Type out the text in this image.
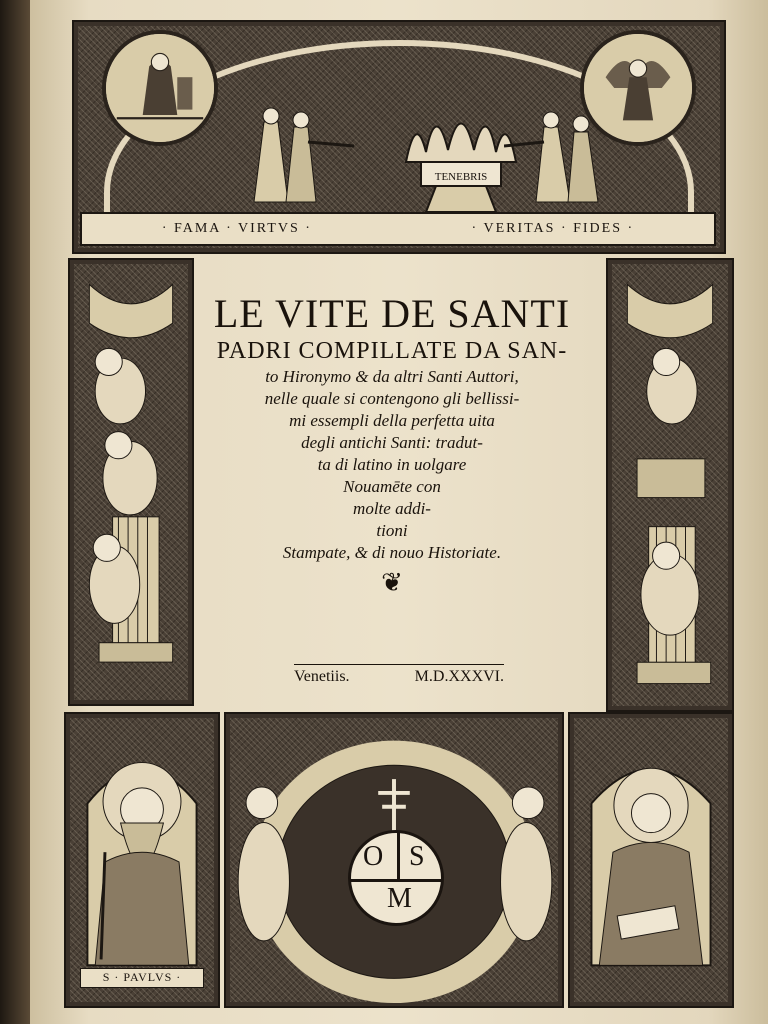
TENEBRIS
· FAMA · VIRTVS ·	· VERITAS · FIDES ·
LE VITE DE SANTI
PADRI COMPILLATE DA SAN-
to Hironymo & da altri Santi Auttori,
nelle quale si contengono gli bellissi-
mi essempli della perfetta uita
degli antichi Santi: tradut-
ta di latino in uolgare
Nouamēte con
molte addi-
tioni
Stampate, & di nouo Historiate.
❦
Venetiis.	M.D.XXXVI.
S · PAVLVS ·
O S
M
